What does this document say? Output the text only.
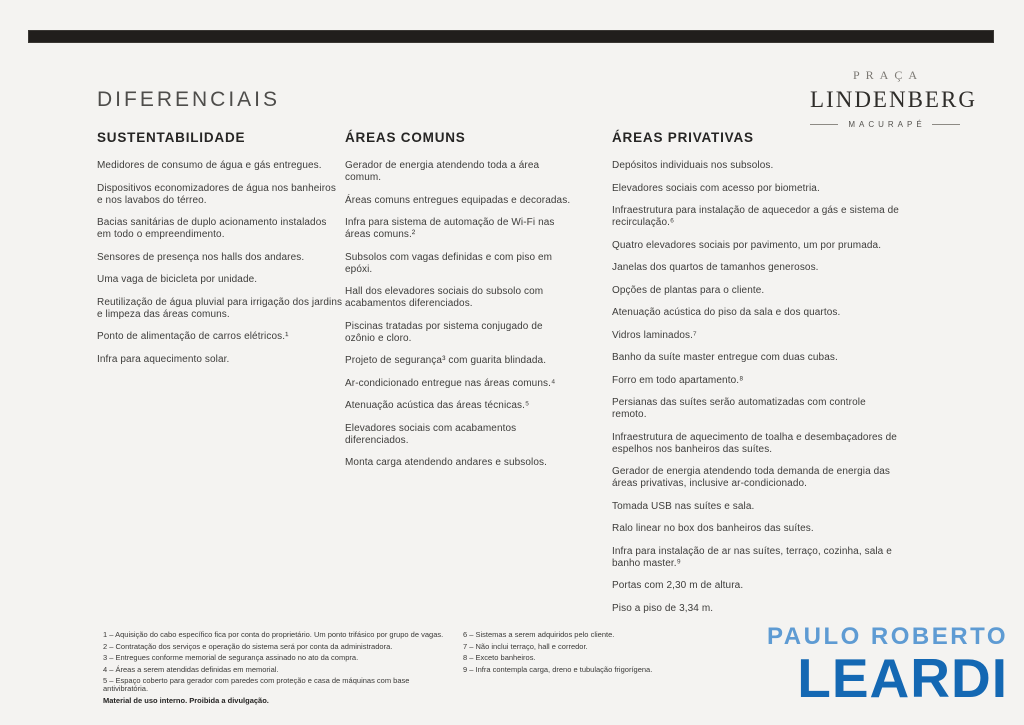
DIFERENCIAIS
PRAÇA
LINDENBERG
MACURAPÉ
SUSTENTABILIDADE

Medidores de consumo de água e gás entregues.

Dispositivos economizadores de água nos banheiros e nos lavabos do térreo.

Bacias sanitárias de duplo acionamento instalados em todo o empreendimento.

Sensores de presença nos halls dos andares.

Uma vaga de bicicleta por unidade.

Reutilização de água pluvial para irrigação dos jardins e limpeza das áreas comuns.

Ponto de alimentação de carros elétricos.¹

Infra para aquecimento solar.

ÁREAS COMUNS

Gerador de energia atendendo toda a área comum.

Áreas comuns entregues equipadas e decoradas.

Infra para sistema de automação de Wi-Fi nas áreas comuns.²

Subsolos com vagas definidas e com piso em epóxi.

Hall dos elevadores sociais do subsolo com acabamentos diferenciados.

Piscinas tratadas por sistema conjugado de ozônio e cloro.

Projeto de segurança³ com guarita blindada.

Ar-condicionado entregue nas áreas comuns.⁴

Atenuação acústica das áreas técnicas.⁵

Elevadores sociais com acabamentos diferenciados.

Monta carga atendendo andares e subsolos.

ÁREAS PRIVATIVAS

Depósitos individuais nos subsolos.

Elevadores sociais com acesso por biometria.

Infraestrutura para instalação de aquecedor a gás e sistema de recirculação.⁶

Quatro elevadores sociais por pavimento, um por prumada.

Janelas dos quartos de tamanhos generosos.

Opções de plantas para o cliente.

Atenuação acústica do piso da sala e dos quartos.

Vidros laminados.⁷

Banho da suíte master entregue com duas cubas.

Forro em todo apartamento.⁸

Persianas das suítes serão automatizadas com controle remoto.

Infraestrutura de aquecimento de toalha e desembaçadores de espelhos nos banheiros das suítes.

Gerador de energia atendendo toda demanda de energia das áreas privativas, inclusive ar-condicionado.

Tomada USB nas suítes e sala.

Ralo linear no box dos banheiros das suítes.

Infra para instalação de ar nas suítes, terraço, cozinha, sala e banho master.⁹

Portas com 2,30 m de altura.

Piso a piso de 3,34 m.

1 – Aquisição do cabo específico fica por conta do proprietário. Um ponto trifásico por grupo de vagas.

2 – Contratação dos serviços e operação do sistema será por conta da administradora.

3 – Entregues conforme memorial de segurança assinado no ato da compra.

4 – Áreas a serem atendidas definidas em memorial.

5 – Espaço coberto para gerador com paredes com proteção e casa de máquinas com base antivibratória.

Material de uso interno. Proibida a divulgação.

6 – Sistemas a serem adquiridos pelo cliente.

7 – Não inclui terraço, hall e corredor.

8 – Exceto banheiros.

9 – Infra contempla carga, dreno e tubulação frigorígena.

PAULO ROBERTO
LEARDI
